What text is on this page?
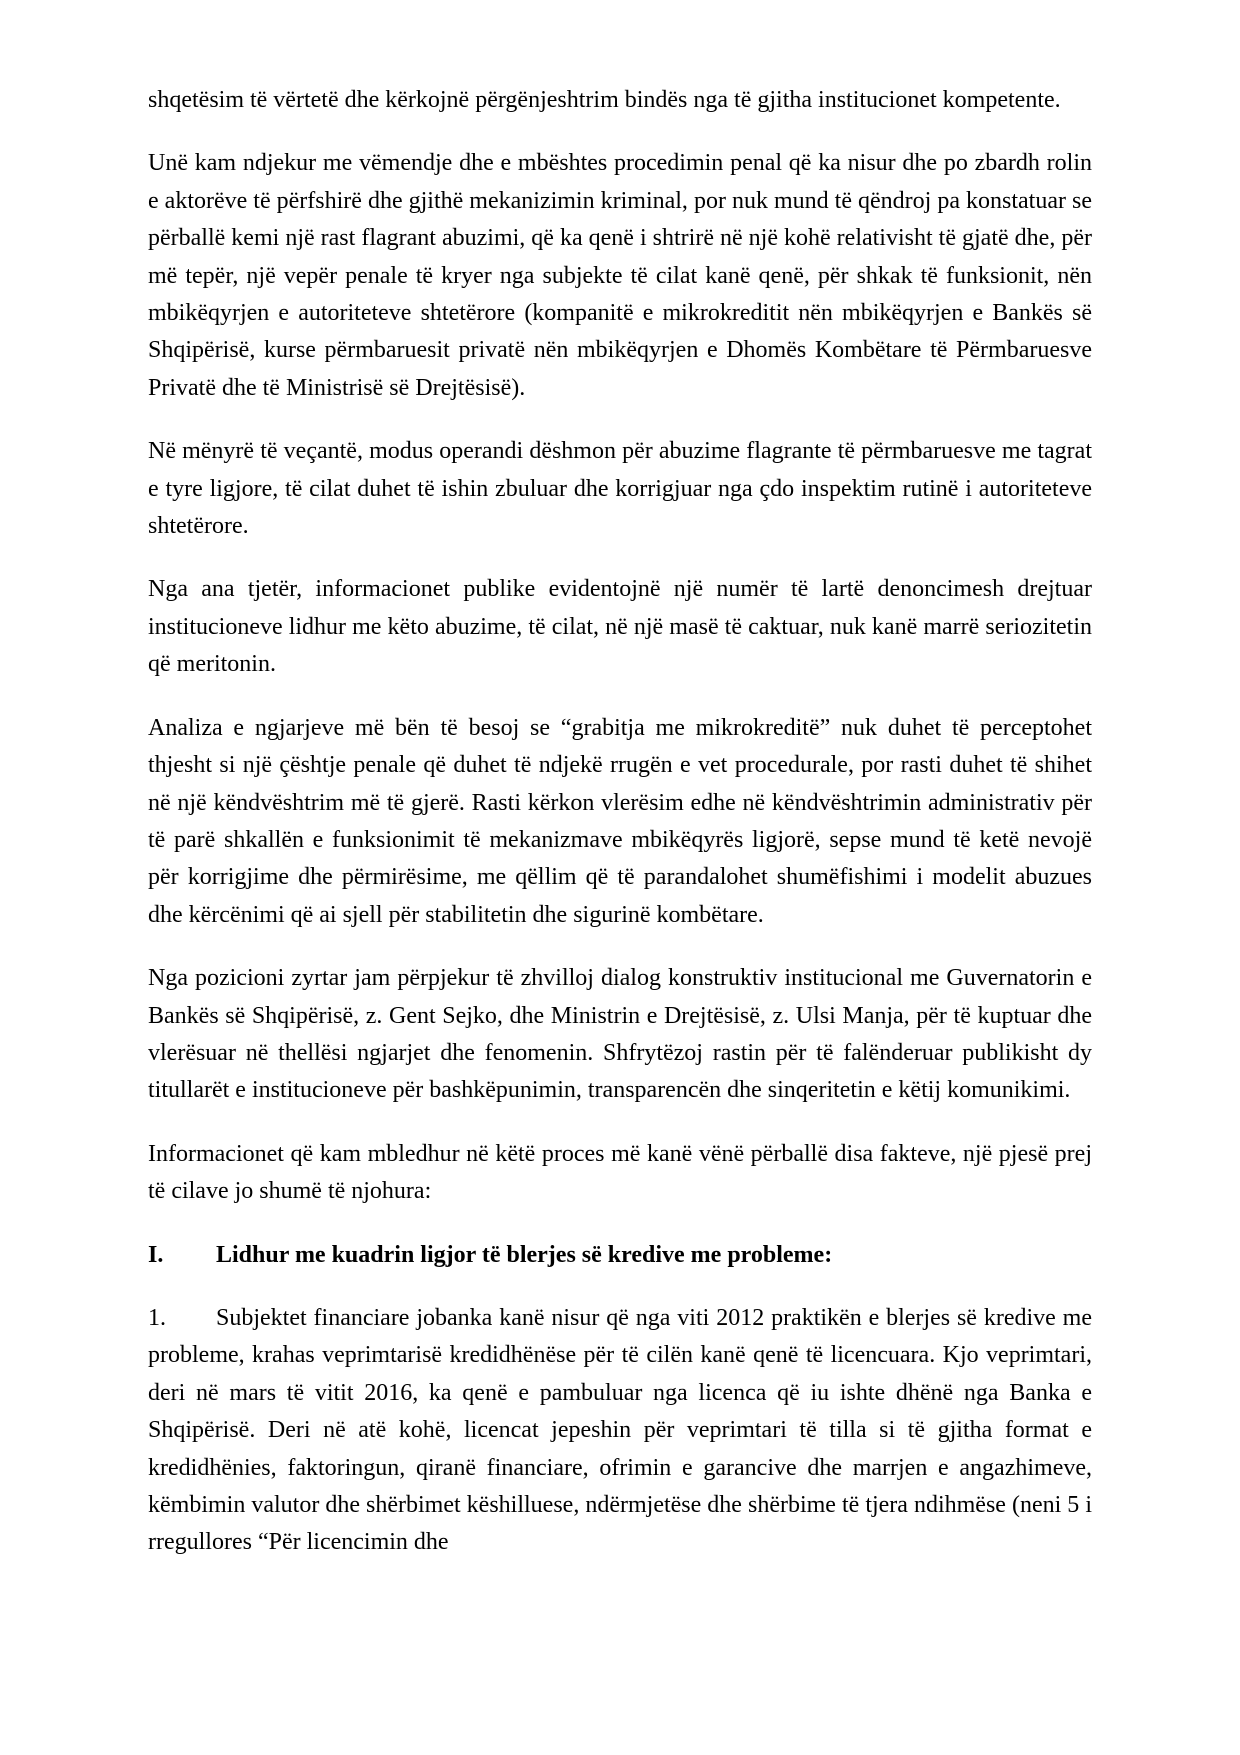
shqetësim të vërtetë dhe kërkojnë përgënjeshtrim bindës nga të gjitha institucionet kompetente.

Unë kam ndjekur me vëmendje dhe e mbështes procedimin penal që ka nisur dhe po zbardh rolin e aktorëve të përfshirë dhe gjithë mekanizimin kriminal, por nuk mund të qëndroj pa konstatuar se përballë kemi një rast flagrant abuzimi, që ka qenë i shtrirë në një kohë relativisht të gjatë dhe, për më tepër, një vepër penale të kryer nga subjekte të cilat kanë qenë, për shkak të funksionit, nën mbikëqyrjen e autoriteteve shtetërore (kompanitë e mikrokreditit nën mbikëqyrjen e Bankës së Shqipërisë, kurse përmbaruesit privatë nën mbikëqyrjen e Dhomës Kombëtare të Përmbaruesve Privatë dhe të Ministrisë së Drejtësisë).

Në mënyrë të veçantë, modus operandi dëshmon për abuzime flagrante të përmbaruesve me tagrat e tyre ligjore, të cilat duhet të ishin zbuluar dhe korrigjuar nga çdo inspektim rutinë i autoriteteve shtetërore.

Nga ana tjetër, informacionet publike evidentojnë një numër të lartë denoncimesh drejtuar institucioneve lidhur me këto abuzime, të cilat, në një masë të caktuar, nuk kanë marrë seriozitetin që meritonin.

Analiza e ngjarjeve më bën të besoj se “grabitja me mikrokreditë” nuk duhet të perceptohet thjesht si një çështje penale që duhet të ndjekë rrugën e vet procedurale, por rasti duhet të shihet në një këndvështrim më të gjerë. Rasti kërkon vlerësim edhe në këndvështrimin administrativ për të parë shkallën e funksionimit të mekanizmave mbikëqyrës ligjorë, sepse mund të ketë nevojë për korrigjime dhe përmirësime, me qëllim që të parandalohet shumëfishimi i modelit abuzues dhe kërcënimi që ai sjell për stabilitetin dhe sigurinë kombëtare.

Nga pozicioni zyrtar jam përpjekur të zhvilloj dialog konstruktiv institucional me Guvernatorin e Bankës së Shqipërisë, z. Gent Sejko, dhe Ministrin e Drejtësisë, z. Ulsi Manja, për të kuptuar dhe vlerësuar në thellësi ngjarjet dhe fenomenin. Shfrytëzoj rastin për të falënderuar publikisht dy titullarët e institucioneve për bashkëpunimin, transparencën dhe sinqeritetin e këtij komunikimi.

Informacionet që kam mbledhur në këtë proces më kanë vënë përballë disa fakteve, një pjesë prej të cilave jo shumë të njohura:

I. Lidhur me kuadrin ligjor të blerjes së kredive me probleme:

1. Subjektet financiare jobanka kanë nisur që nga viti 2012 praktikën e blerjes së kredive me probleme, krahas veprimtarisë kredidhënëse për të cilën kanë qenë të licencuara. Kjo veprimtari, deri në mars të vitit 2016, ka qenë e pambuluar nga licenca që iu ishte dhënë nga Banka e Shqipërisë. Deri në atë kohë, licencat jepeshin për veprimtari të tilla si të gjitha format e kredidhënies, faktoringun, qiranë financiare, ofrimin e garancive dhe marrjen e angazhimeve, këmbimin valutor dhe shërbimet këshilluese, ndërmjetëse dhe shërbime të tjera ndihmëse (neni 5 i rregullores “Për licencimin dhe
